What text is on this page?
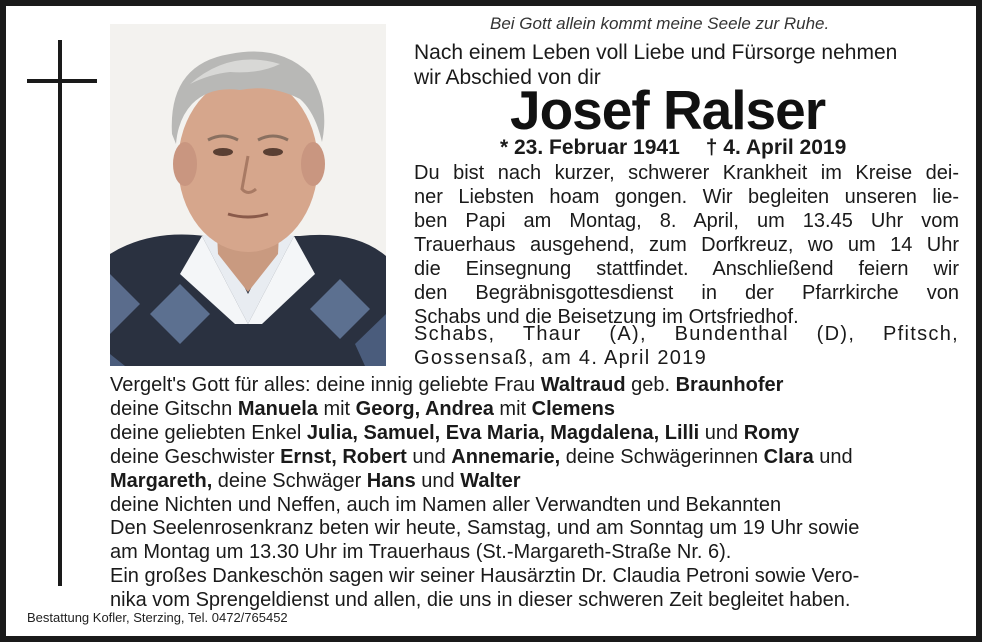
Bei Gott allein kommt meine Seele zur Ruhe.
Nach einem Leben voll Liebe und Fürsorge nehmen
wir Abschied von dir
Josef Ralser
* 23. Februar 1941 † 4. April 2019
Du bist nach kurzer, schwerer Krankheit im Kreise dei-
ner Liebsten hoam gongen. Wir begleiten unseren lie-
ben Papi am Montag, 8. April, um 13.45 Uhr vom
Trauerhaus ausgehend, zum Dorfkreuz, wo um 14 Uhr
die Einsegnung stattfindet. Anschließend feiern wir
den Begräbnisgottesdienst in der Pfarrkirche von
Schabs und die Beisetzung im Ortsfriedhof.
Schabs, Thaur (A), Bundenthal (D), Pfitsch,
Gossensaß, am 4. April 2019
Vergelt's Gott für alles: deine innig geliebte Frau Waltraud geb. Braunhofer
deine Gitschn Manuela mit Georg, Andrea mit Clemens
deine geliebten Enkel Julia, Samuel, Eva Maria, Magdalena, Lilli und Romy
deine Geschwister Ernst, Robert und Annemarie, deine Schwägerinnen Clara und
Margareth, deine Schwäger Hans und Walter
deine Nichten und Neffen, auch im Namen aller Verwandten und Bekannten
Den Seelenrosenkranz beten wir heute, Samstag, und am Sonntag um 19 Uhr sowie
am Montag um 13.30 Uhr im Trauerhaus (St.-Margareth-Straße Nr. 6).
Ein großes Dankeschön sagen wir seiner Hausärztin Dr. Claudia Petroni sowie Vero-
nika vom Sprengeldienst und allen, die uns in dieser schweren Zeit begleitet haben.
Bestattung Kofler, Sterzing, Tel. 0472/765452
